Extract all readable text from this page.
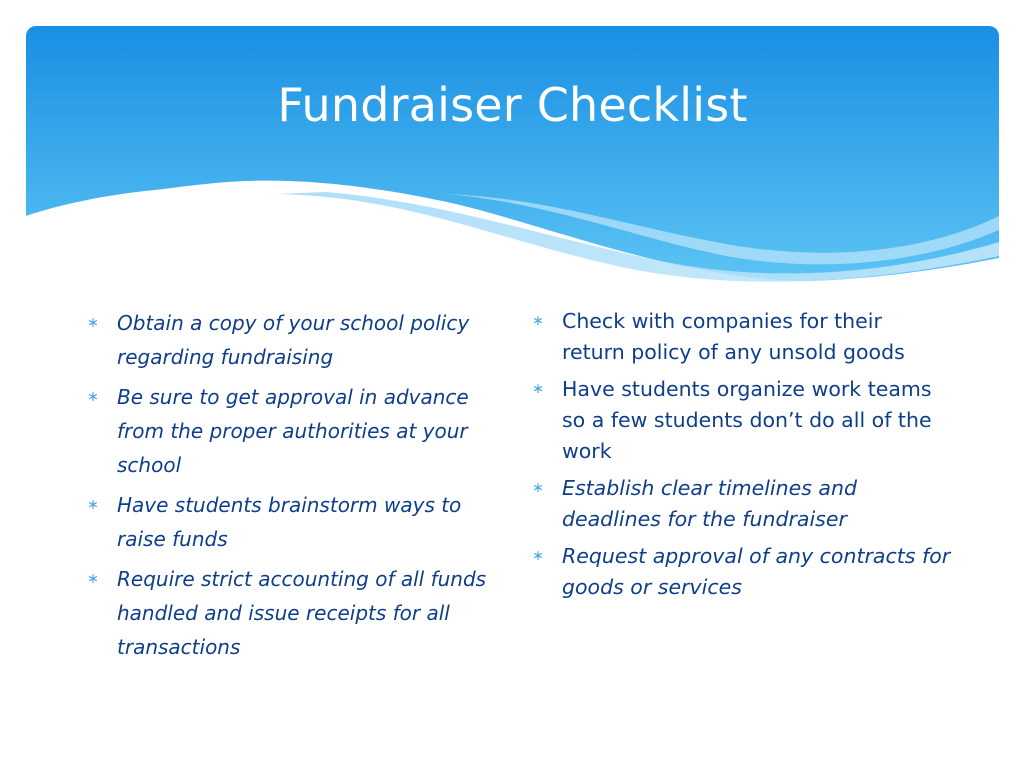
Fundraiser Checklist
∗ Obtain a copy of your school policy regarding fundraising
∗ Be sure to get approval in advance from the proper authorities at your school
∗ Have students brainstorm ways to raise funds
∗ Require strict accounting of all funds handled and issue receipts for all transactions
∗ Check with companies for their return policy of any unsold goods
∗ Have students organize work teams so a few students don’t do all of the work
∗ Establish clear timelines and deadlines for the fundraiser
∗ Request approval of any contracts for goods or services
